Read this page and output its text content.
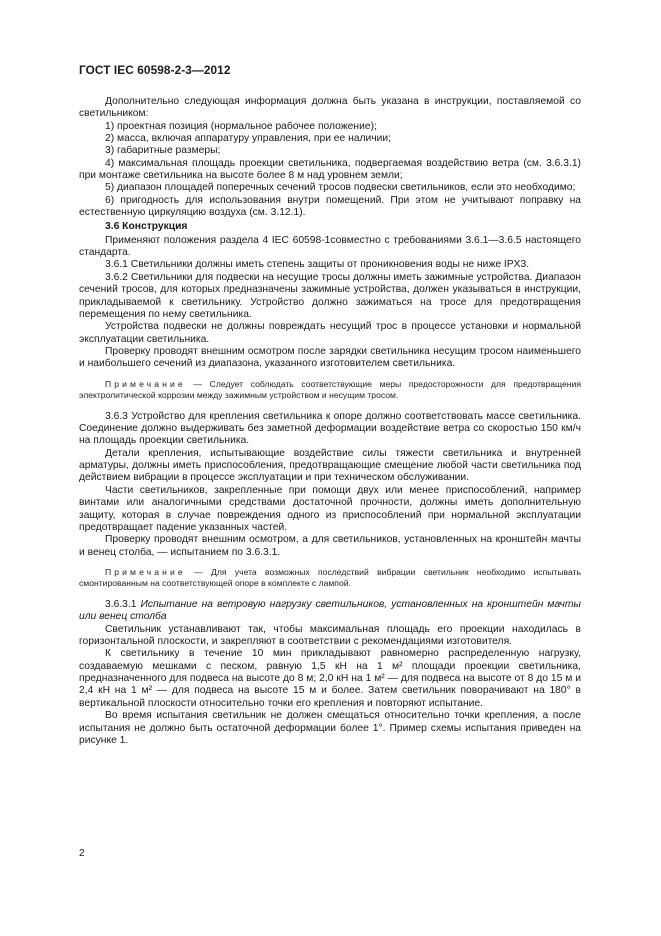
ГОСТ IEC 60598-2-3—2012

Дополнительно следующая информация должна быть указана в инструкции, поставляемой со светильником:

1) проектная позиция (нормальное рабочее положение);

2) масса, включая аппаратуру управления, при ее наличии;

3) габаритные размеры;

4) максимальная площадь проекции светильника, подвергаемая воздействию ветра (см. 3.6.3.1) при монтаже светильника на высоте более 8 м над уровнем земли;

5) диапазон площадей поперечных сечений тросов подвески светильников, если это необходимо;

6) пригодность для использования внутри помещений. При этом не учитывают поправку на естественную циркуляцию воздуха (см. 3.12.1).

3.6 Конструкция

Применяют положения раздела 4 IEC 60598-1совместно с требованиями 3.6.1—3.6.5 настоящего стандарта.

3.6.1 Светильники должны иметь степень защиты от проникновения воды не ниже IPX3.

3.6.2 Светильники для подвески на несущие тросы должны иметь зажимные устройства. Диапазон сечений тросов, для которых предназначены зажимные устройства, должен указываться в инструкции, прикладываемой к светильнику. Устройство должно зажиматься на тросе для предотвращения перемещения по нему светильника.

Устройства подвески не должны повреждать несущий трос в процессе установки и нормальной эксплуатации светильника.

Проверку проводят внешним осмотром после зарядки светильника несущим тросом наименьшего и наибольшего сечений из диапазона, указанного изготовителем светильника.

Примечание — Следует соблюдать соответствующие меры предосторожности для предотвращения электролитической коррозии между зажимным устройством и несущим тросом.

3.6.3 Устройство для крепления светильника к опоре должно соответствовать массе светильника. Соединение должно выдерживать без заметной деформации воздействие ветра со скоростью 150 км/ч на площадь проекции светильника.

Детали крепления, испытывающие воздействие силы тяжести светильника и внутренней арматуры, должны иметь приспособления, предотвращающие смещение любой части светильника под действием вибрации в процессе эксплуатации и при техническом обслуживании.

Части светильников, закрепленные при помощи двух или менее приспособлений, например винтами или аналогичными средствами достаточной прочности, должны иметь дополнительную защиту, которая в случае повреждения одного из приспособлений при нормальной эксплуатации предотвращает падение указанных частей.

Проверку проводят внешним осмотром, а для светильников, установленных на кронштейн мачты и венец столба, — испытанием по 3.6.3.1.

Примечание — Для учета возможных последствий вибрации светильник необходимо испытывать смонтированным на соответствующей опоре в комплекте с лампой.

3.6.3.1 Испытание на ветровую нагрузку светильников, установленных на кронштейн мачты или венец столба

Светильник устанавливают так, чтобы максимальная площадь его проекции находилась в горизонтальной плоскости, и закрепляют в соответствии с рекомендациями изготовителя.

К светильнику в течение 10 мин прикладывают равномерно распределенную нагрузку, создаваемую мешками с песком, равную 1,5 кН на 1 м² площади проекции светильника, предназначенного для подвеса на высоте до 8 м; 2,0 кН на 1 м² — для подвеса на высоте от 8 до 15 м и 2,4 кН на 1 м² — для подвеса на высоте 15 м и более. Затем светильник поворачивают на 180° в вертикальной плоскости относительно точки его крепления и повторяют испытание.

Во время испытания светильник не должен смещаться относительно точки крепления, а после испытания не должно быть остаточной деформации более 1°. Пример схемы испытания приведен на рисунке 1.

2
